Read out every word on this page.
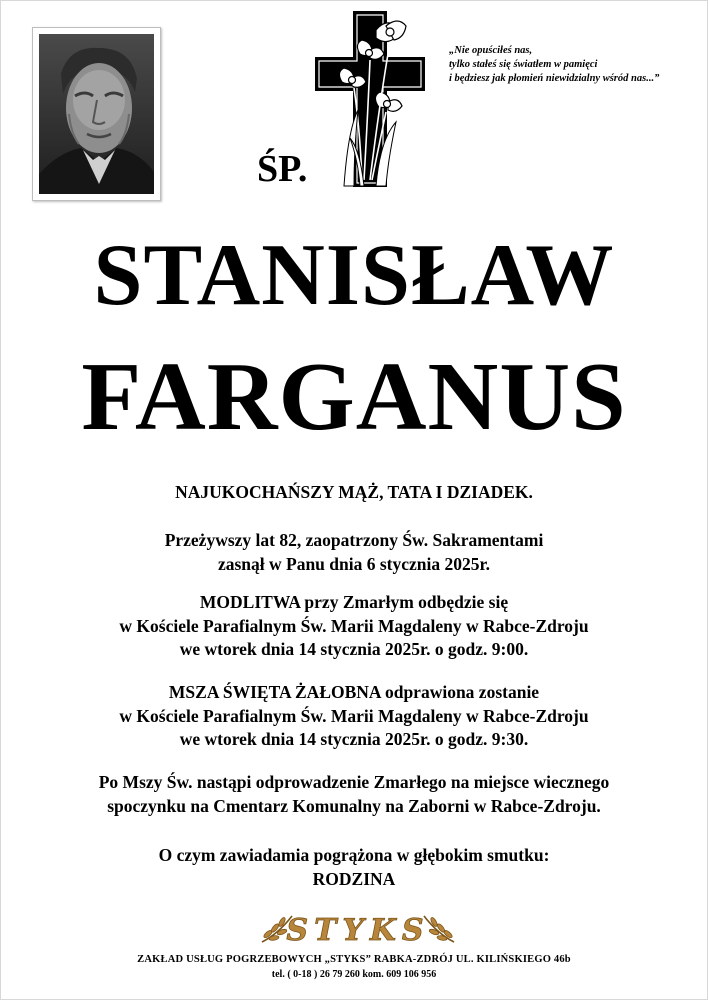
„Nie opuściłeś nas,
tylko stałeś się światłem w pamięci
i będziesz jak płomień niewidzialny wśród nas...”
ŚP.
STANISŁAW
FARGANUS
NAJUKOCHAŃSZY MĄŻ, TATA I DZIADEK.
Przeżywszy lat 82, zaopatrzony Św. Sakramentami
zasnął w Panu dnia 6 stycznia 2025r.
MODLITWA przy Zmarłym odbędzie się
w Kościele Parafialnym Św. Marii Magdaleny w Rabce-Zdroju
we wtorek dnia 14 stycznia 2025r. o godz. 9:00.
MSZA ŚWIĘTA ŻAŁOBNA odprawiona zostanie
w Kościele Parafialnym Św. Marii Magdaleny w Rabce-Zdroju
we wtorek dnia 14 stycznia 2025r. o godz. 9:30.
Po Mszy Św. nastąpi odprowadzenie Zmarłego na miejsce wiecznego
spoczynku na Cmentarz Komunalny na Zaborni w Rabce-Zdroju.
O czym zawiadamia pogrążona w głębokim smutku:
RODZINA
STYKS
ZAKŁAD USŁUG POGRZEBOWYCH „STYKS” RABKA-ZDRÓJ UL. KILIŃSKIEGO 46b
tel. ( 0-18 ) 26 79 260 kom. 609 106 956
